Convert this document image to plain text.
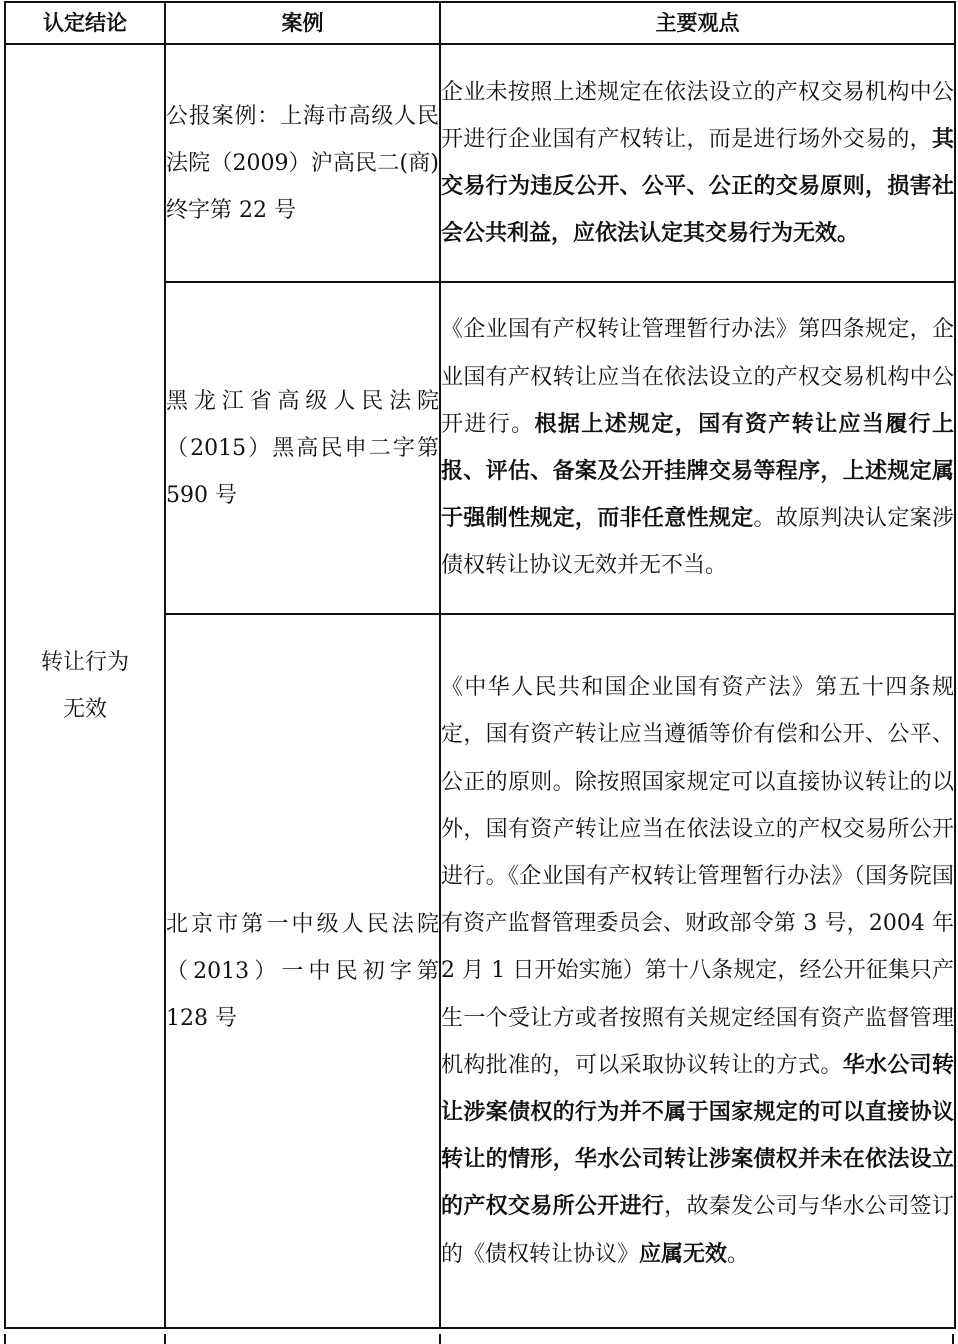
认定结论	案例	主要观点

转让行为无效	公报案例：上海市高级人民法院（2009）沪高民二(商)终字第 22 号	企业未按照上述规定在依法设立的产权交易机构中公开进行企业国有产权转让，而是进行场外交易的，其交易行为违反公开、公平、公正的交易原则，损害社会公共利益，应依法认定其交易行为无效。
	黑龙江省高级人民法院（2015）黑高民申二字第 590 号	《企业国有产权转让管理暂行办法》第四条规定，企业国有产权转让应当在依法设立的产权交易机构中公开进行。根据上述规定，国有资产转让应当履行上报、评估、备案及公开挂牌交易等程序，上述规定属于强制性规定，而非任意性规定。故原判决认定案涉债权转让协议无效并无不当。
	北京市第一中级人民法院（2013）一中民初字第 128 号	《中华人民共和国企业国有资产法》第五十四条规定，国有资产转让应当遵循等价有偿和公开、公平、公正的原则。除按照国家规定可以直接协议转让的以外，国有资产转让应当在依法设立的产权交易所公开进行。《企业国有产权转让管理暂行办法》（国务院国有资产监督管理委员会、财政部令第 3 号，2004 年 2 月 1 日开始实施）第十八条规定，经公开征集只产生一个受让方或者按照有关规定经国有资产监督管理机构批准的，可以采取协议转让的方式。华水公司转让涉案债权的行为并不属于国家规定的可以直接协议转让的情形，华水公司转让涉案债权并未在依法设立的产权交易所公开进行，故秦发公司与华水公司签订的《债权转让协议》应属无效。
